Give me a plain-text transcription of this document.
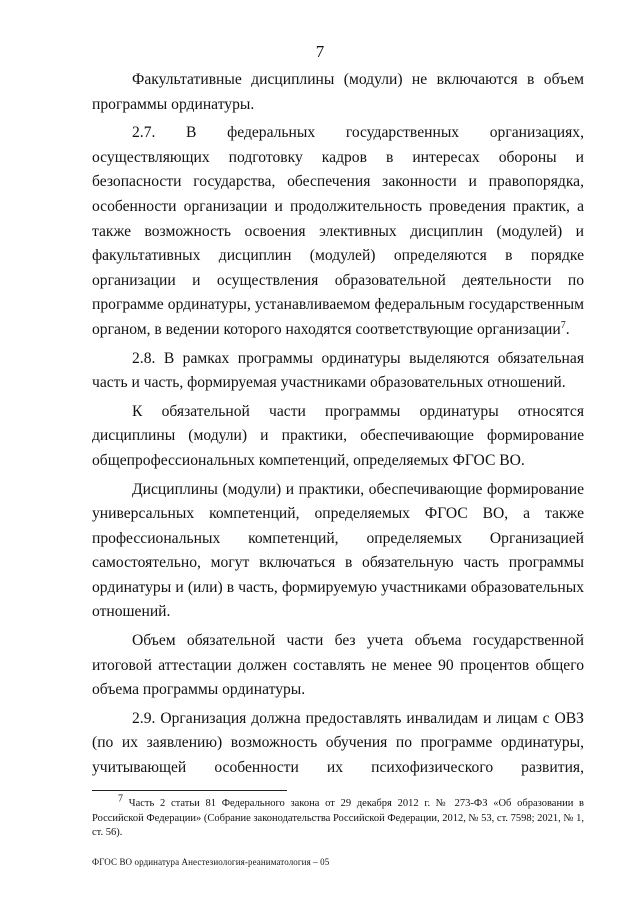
7

Факультативные дисциплины (модули) не включаются в объем программы ординатуры.

2.7. В федеральных государственных организациях, осуществляющих подготовку кадров в интересах обороны и безопасности государства, обеспечения законности и правопорядка, особенности организации и продолжительность проведения практик, а также возможность освоения элективных дисциплин (модулей) и факультативных дисциплин (модулей) определяются в порядке организации и осуществления образовательной деятельности по программе ординатуры, устанавливаемом федеральным государственным органом, в ведении которого находятся соответствующие организации$^7$.

2.8. В рамках программы ординатуры выделяются обязательная часть и часть, формируемая участниками образовательных отношений.

К обязательной части программы ординатуры относятся дисциплины (модули) и практики, обеспечивающие формирование общепрофессиональных компетенций, определяемых ФГОС ВО.

Дисциплины (модули) и практики, обеспечивающие формирование универсальных компетенций, определяемых ФГОС ВО, а также профессиональных компетенций, определяемых Организацией самостоятельно, могут включаться в обязательную часть программы ординатуры и (или) в часть, формируемую участниками образовательных отношений.

Объем обязательной части без учета объема государственной итоговой аттестации должен составлять не менее 90 процентов общего объема программы ординатуры.

2.9. Организация должна предоставлять инвалидам и лицам с ОВЗ (по их заявлению) возможность обучения по программе ординатуры, учитывающей особенности их психофизического развития,

$^7$ Часть 2 статьи 81 Федерального закона от 29 декабря 2012 г. № 273-ФЗ «Об образовании в Российской Федерации» (Собрание законодательства Российской Федерации, 2012, № 53, ст. 7598; 2021, № 1, ст. 56).
ФГОС ВО ординатура Анестезиология-реаниматология – 05
